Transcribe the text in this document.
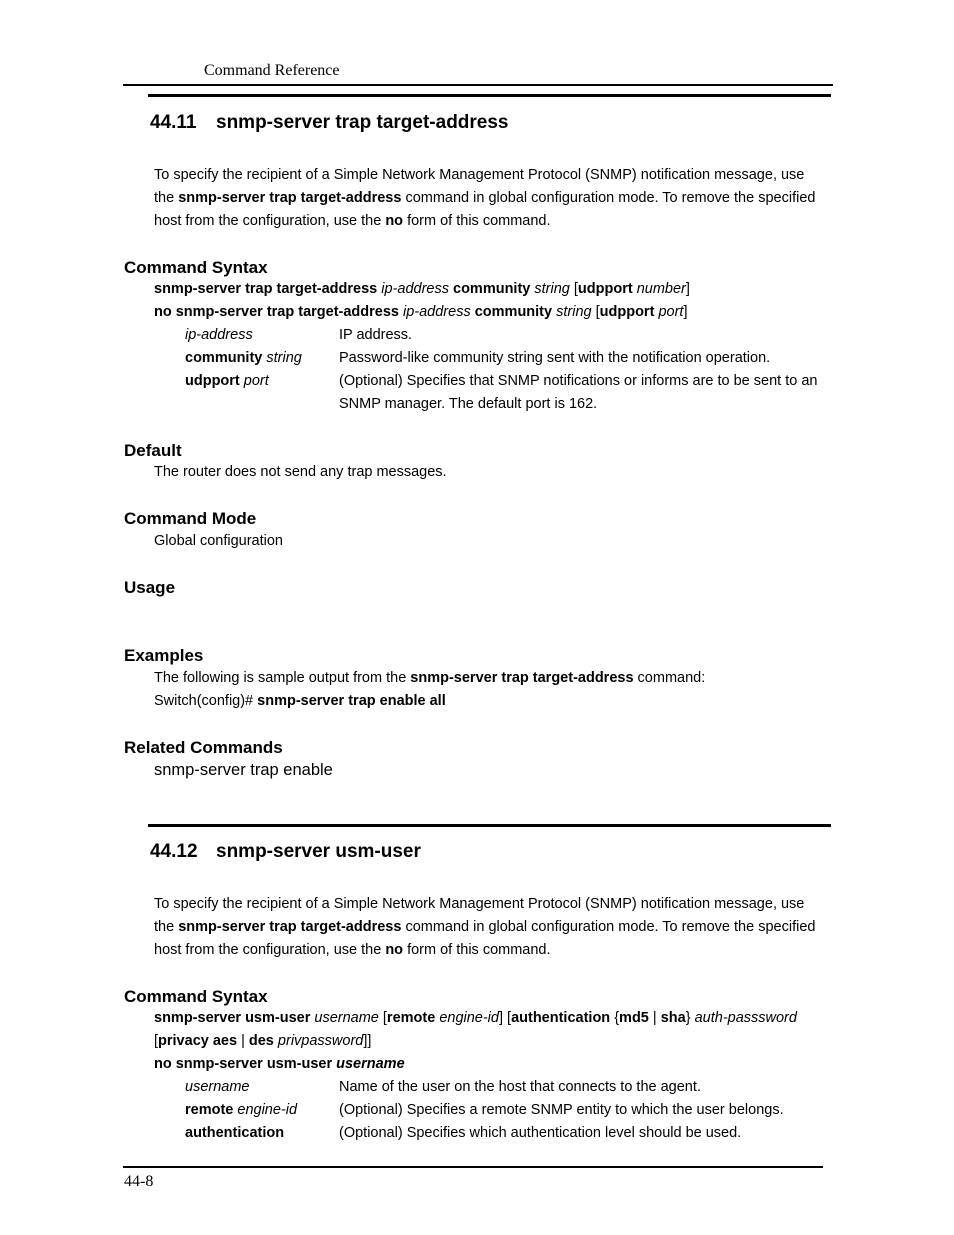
Command Reference
44.11 snmp-server trap target-address
To specify the recipient of a Simple Network Management Protocol (SNMP) notification message, use
the snmp-server trap target-address command in global configuration mode. To remove the specified
host from the configuration, use the no form of this command.
Command Syntax
snmp-server trap target-address ip-address community string [udpport number]
no snmp-server trap target-address ip-address community string [udpport port]
ip-address	IP address.
community string	Password-like community string sent with the notification operation.
udpport port	(Optional) Specifies that SNMP notifications or informs are to be sent to an
SNMP manager. The default port is 162.
Default
The router does not send any trap messages.
Command Mode
Global configuration
Usage
Examples
The following is sample output from the snmp-server trap target-address command:
Switch(config)# snmp-server trap enable all
Related Commands
snmp-server trap enable
44.12 snmp-server usm-user
To specify the recipient of a Simple Network Management Protocol (SNMP) notification message, use
the snmp-server trap target-address command in global configuration mode. To remove the specified
host from the configuration, use the no form of this command.
Command Syntax
snmp-server usm-user username [remote engine-id] [authentication {md5 | sha} auth-passsword
[privacy aes | des privpassword]]
no snmp-server usm-user username
username	Name of the user on the host that connects to the agent.
remote engine-id	(Optional) Specifies a remote SNMP entity to which the user belongs.
authentication	(Optional) Specifies which authentication level should be used.
44-8
